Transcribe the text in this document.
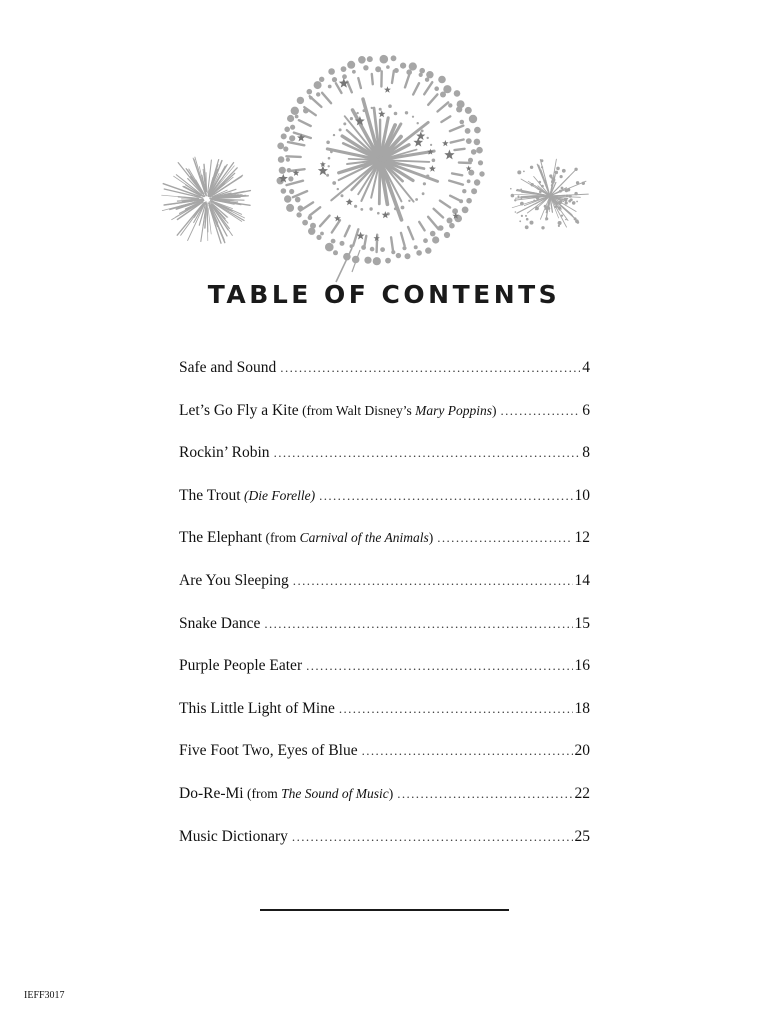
TABLE OF CONTENTS
Safe and Sound .....	4
Let’s Go Fly a Kite (from Walt Disney’s Mary Poppins) .....	6
Rockin’ Robin .....	8
The Trout (Die Forelle) .....	10
The Elephant (from Carnival of the Animals) .....	12
Are You Sleeping .....	14
Snake Dance .....	15
Purple People Eater .....	16
This Little Light of Mine .....	18
Five Foot Two, Eyes of Blue .....	20
Do-Re-Mi (from The Sound of Music) .....	22
Music Dictionary .....	25
IEFF3017
